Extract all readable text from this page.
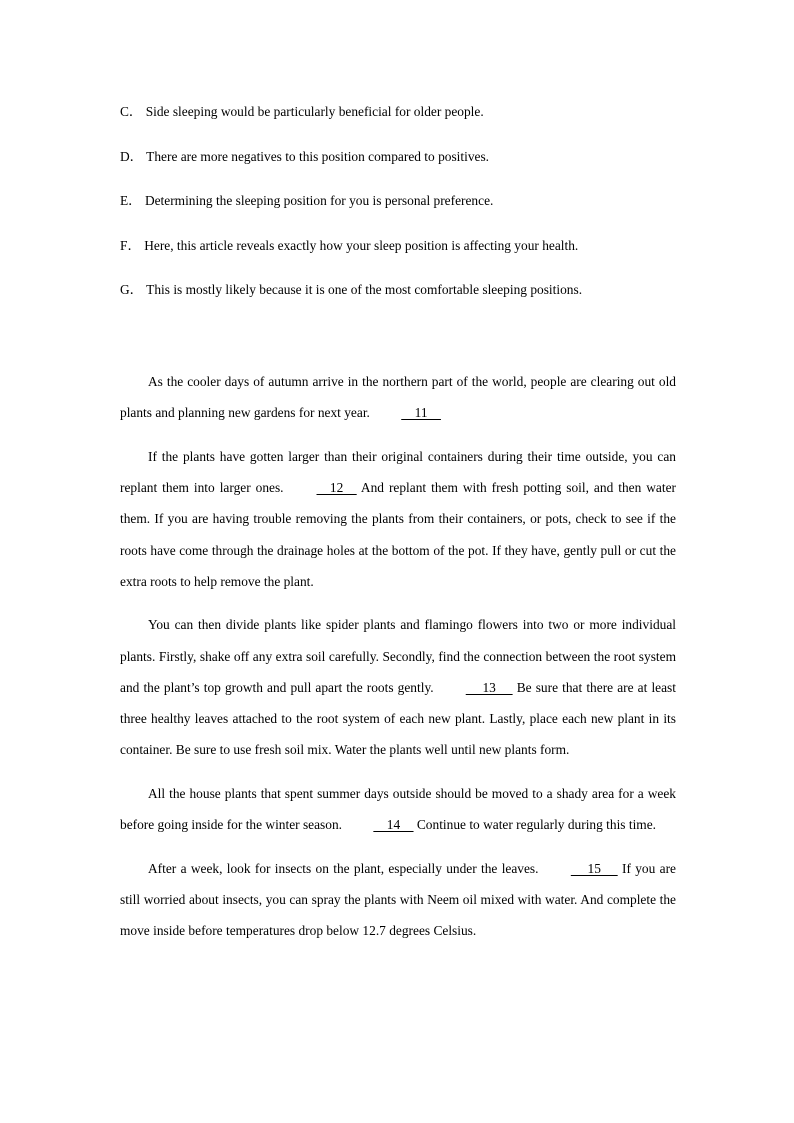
C． Side sleeping would be particularly beneficial for older people.
D． There are more negatives to this position compared to positives.
E． Determining the sleeping position for you is personal preference.
F． Here, this article reveals exactly how your sleep position is affecting your health.
G． This is mostly likely because it is one of the most comfortable sleeping positions.

As the cooler days of autumn arrive in the northern part of the world, people are clearing out old plants and planning new gardens for next year.     11

If the plants have gotten larger than their original containers during their time outside, you can replant them into larger ones.     12     And replant them with fresh potting soil, and then water them. If you are having trouble removing the plants from their containers, or pots, check to see if the roots have come through the drainage holes at the bottom of the pot. If they have, gently pull or cut the extra roots to help remove the plant.

You can then divide plants like spider plants and flamingo flowers into two or more individual plants. Firstly, shake off any extra soil carefully. Secondly, find the connection between the root system and the plant’s top growth and pull apart the roots gently.      13      Be sure that there are at least three healthy leaves attached to the root system of each new plant. Lastly, place each new plant in its container. Be sure to use fresh soil mix. Water the plants well until new plants form.

All the house plants that spent summer days outside should be moved to a shady area for a week before going inside for the winter season.     14     Continue to water regularly during this time.

After a week, look for insects on the plant, especially under the leaves.      15      If you are still worried about insects, you can spray the plants with Neem oil mixed with water. And complete the move inside before temperatures drop below 12.7 degrees Celsius.
